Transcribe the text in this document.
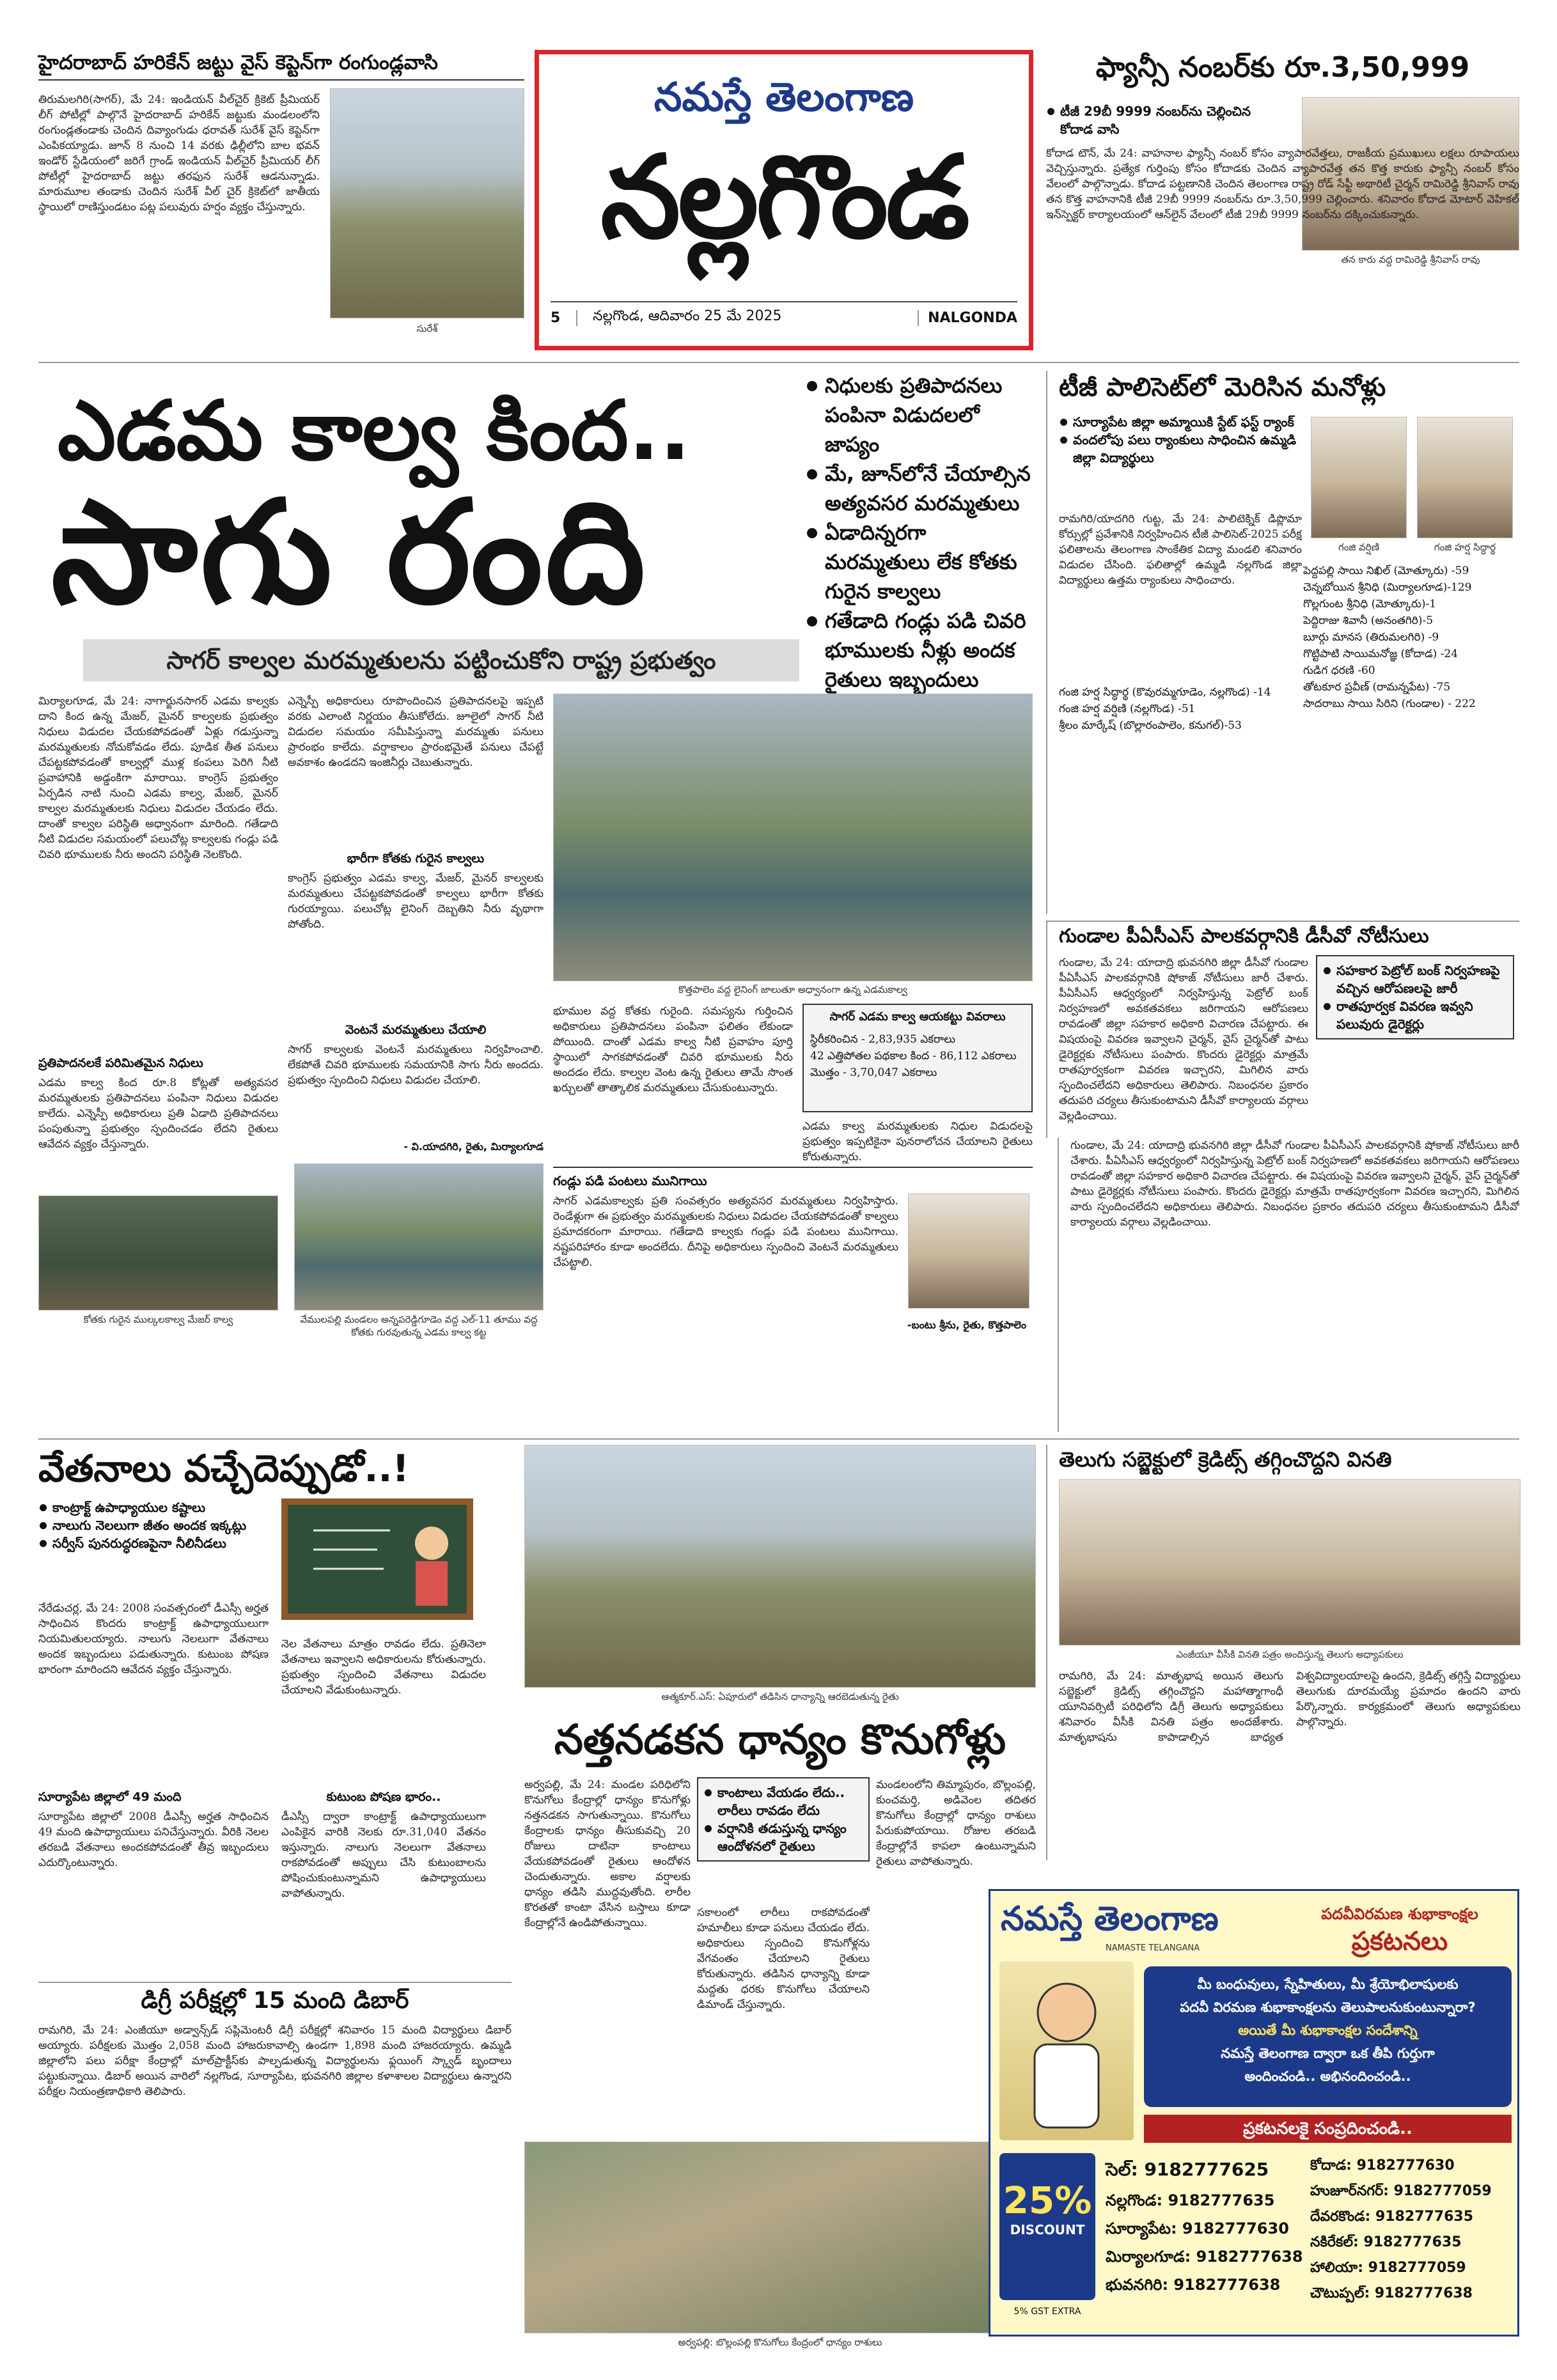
నమస్తే తెలంగాణ
నల్లగొండ
5	నల్లగొండ, ఆదివారం 25 మే 2025	NALGONDA
హైదరాబాద్ హరికేన్ జట్టు వైస్ కెప్టెన్‌గా రంగుండ్లవాసి
తిరుమలగిరి(సాగర్), మే 24: ఇండియన్ వీల్‌చైర్ క్రికెట్ ప్రీమియర్ లీగ్ పోటీల్లో పాల్గొనే హైదరాబాద్ హరికేన్ జట్టుకు మండలంలోని రంగుండ్లతండాకు చెందిన దివ్యాంగుడు ధరావత్ సురేశ్ వైస్ కెప్టెన్‌గా ఎంపికయ్యాడు. జూన్ 8 నుంచి 14 వరకు ఢిల్లీలోని బాల భవన్ ఇండోర్ స్టేడియంలో జరిగే గ్రాండ్ ఇండియన్ వీల్‌చైర్ ప్రీమియర్ లీగ్ పోటీల్లో హైదరాబాద్ జట్టు తరఫున సురేశ్ ఆడనున్నాడు. మారుమూల తండాకు చెందిన సురేశ్ వీల్ చైర్ క్రికెట్‌లో జాతీయ స్థాయిలో రాణిస్తుండటం పట్ల పలువురు హర్షం వ్యక్తం చేస్తున్నారు.
సురేశ్
ఫ్యాన్సీ నంబర్‌కు రూ.3,50,999
టీజీ 29బీ 9999 నంబర్‌ను చెల్లించిన కోదాడ వాసి
తన కారు వద్ద రామిరెడ్డి శ్రీనివాస్ రావు
కోదాడ టౌన్, మే 24: వాహనాల ఫ్యాన్సీ నంబర్ కోసం వ్యాపారవేత్తలు, రాజకీయ ప్రముఖులు లక్షలు రూపాయలు వెచ్చిస్తున్నారు. ప్రత్యేక గుర్తింపు కోసం కోదాడకు చెందిన వ్యాపారవేత్త తన కొత్త కారుకు ఫ్యాన్సీ నంబర్ కోసం వేలంలో పాల్గొన్నాడు. కోదాడ పట్టణానికి చెందిన తెలంగాణ రాష్ట్ర రోడ్ సేఫ్టీ అథారిటీ చైర్మన్ రామిరెడ్డి శ్రీనివాస్ రావు తన కొత్త వాహనానికి టీజీ 29బీ 9999 నంబర్‌ను రూ.3,50,999 చెల్లించారు. శనివారం కోదాడ మోటార్ వెహికల్ ఇన్‌స్పెక్టర్ కార్యాలయంలో ఆన్‌లైన్ వేలంలో టీజీ 29బీ 9999 నంబర్‌ను దక్కించుకున్నారు.
ఎడమ కాల్వ కింద..
సాగు రంది
నిధులకు ప్రతిపాదనలు పంపినా విడుదలలో జాప్యం
మే, జూన్‌లోనే చేయాల్సిన అత్యవసర మరమ్మతులు
ఏడాదిన్నరగా మరమ్మతులు లేక కోతకు గురైన కాల్వలు
గతేడాది గండ్లు పడి చివరి భూములకు నీళ్లు అందక రైతులు ఇబ్బందులు
సాగర్ కాల్వల మరమ్మతులను పట్టించుకోని రాష్ట్ర ప్రభుత్వం
మిర్యాలగూడ, మే 24: నాగార్జునసాగర్ ఎడమ కాల్వకు దాని కింద ఉన్న మేజర్, మైనర్ కాల్వలకు ప్రభుత్వం నిధులు విడుదల చేయకపోవడంతో ఏళ్లు గడుస్తున్నా మరమ్మతులకు నోచుకోవడం లేదు. పూడిక తీత పనులు చేపట్టకపోవడంతో కాల్వల్లో ముళ్ల కంపలు పెరిగి నీటి ప్రవాహానికి అడ్డంకిగా మారాయి. కాంగ్రెస్ ప్రభుత్వం ఏర్పడిన నాటి నుంచి ఎడమ కాల్వ, మేజర్, మైనర్ కాల్వల మరమ్మతులకు నిధులు విడుదల చేయడం లేదు. దాంతో కాల్వల పరిస్థితి అధ్వానంగా మారింది. గతేడాది నీటి విడుదల సమయంలో పలుచోట్ల కాల్వలకు గండ్లు పడి చివరి భూములకు నీరు అందని పరిస్థితి నెలకొంది.
ప్రతిపాదనలకే పరిమితమైన నిధులు
ఎడమ కాల్వ కింద రూ.8 కోట్లతో అత్యవసర మరమ్మతులకు ప్రతిపాదనలు పంపినా నిధులు విడుదల కాలేదు. ఎన్నెస్పీ అధికారులు ప్రతి ఏడాది ప్రతిపాదనలు పంపుతున్నా ప్రభుత్వం స్పందించడం లేదని రైతులు ఆవేదన వ్యక్తం చేస్తున్నారు.
కోతకు గురైన ముల్కలకాల్వ మేజర్ కాల్వ
ఎన్నెస్పీ అధికారులు రూపొందించిన ప్రతిపాదనలపై ఇప్పటి వరకు ఎలాంటి నిర్ణయం తీసుకోలేదు. జూలైలో సాగర్ నీటి విడుదల సమయం సమీపిస్తున్నా మరమ్మతు పనులు ప్రారంభం కాలేదు. వర్షాకాలం ప్రారంభమైతే పనులు చేపట్టే అవకాశం ఉండదని ఇంజినీర్లు చెబుతున్నారు.
భారీగా కోతకు గురైన కాల్వలు
కాంగ్రెస్ ప్రభుత్వం ఎడమ కాల్వ, మేజర్, మైనర్ కాల్వలకు మరమ్మతులు చేపట్టకపోవడంతో కాల్వలు భారీగా కోతకు గురయ్యాయి. పలుచోట్ల లైనింగ్ దెబ్బతిని నీరు వృథాగా పోతోంది.
వెంటనే మరమ్మతులు చేయాలి
సాగర్ కాల్వలకు వెంటనే మరమ్మతులు నిర్వహించాలి. లేకపోతే చివరి భూములకు సమయానికి సాగు నీరు అందదు. ప్రభుత్వం స్పందించి నిధులు విడుదల చేయాలి.
- వి.యాదగిరి, రైతు, మిర్యాలగూడ
వేములపల్లి మండలం అన్నపరెడ్డిగూడెం వద్ద ఎల్-11 తూము వద్ద కోతకు గురవుతున్న ఎడమ కాల్వ కట్ట
కొత్తపాలెం వద్ద లైనింగ్ జాలుతూ అధ్వానంగా ఉన్న ఎడమకాల్వ
భూముల వద్ద కోతకు గురైంది. సమస్యను గుర్తించిన అధికారులు ప్రతిపాదనలు పంపినా ఫలితం లేకుండా పోయింది. దాంతో ఎడమ కాల్వ నీటి ప్రవాహం పూర్తి స్థాయిలో సాగకపోవడంతో చివరి భూములకు నీరు అందడం లేదు. కాల్వల వెంట ఉన్న రైతులు తామే సొంత ఖర్చులతో తాత్కాలిక మరమ్మతులు చేసుకుంటున్నారు.
సాగర్ ఎడమ కాల్వ ఆయకట్టు వివరాలు
స్థిరీకరించిన - 2,83,935 ఎకరాలు
42 ఎత్తిపోతల పథకాల కింద - 86,112 ఎకరాలు
మొత్తం - 3,70,047 ఎకరాలు
ఎడమ కాల్వ మరమ్మతులకు నిధుల విడుదలపై ప్రభుత్వం ఇప్పటికైనా పునరాలోచన చేయాలని రైతులు కోరుతున్నారు.
గండ్లు పడి పంటలు మునిగాయి
సాగర్ ఎడమకాల్వకు ప్రతి సంవత్సరం అత్యవసర మరమ్మతులు నిర్వహిస్తారు. రెండేళ్లుగా ఈ ప్రభుత్వం మరమ్మతులకు నిధులు విడుదల చేయకపోవడంతో కాల్వలు ప్రమాదకరంగా మారాయి. గతేడాది కాల్వకు గండ్లు పడి పంటలు మునిగాయి. నష్టపరిహారం కూడా అందలేదు. దీనిపై అధికారులు స్పందించి వెంటనే మరమ్మతులు చేపట్టాలి.
-బంటు శ్రీను, రైతు, కొత్తపాలెం
టీజీ పాలిసెట్‌లో మెరిసిన మనోళ్లు
సూర్యాపేట జిల్లా అమ్మాయికి స్టేట్ ఫస్ట్ ర్యాంక్
వందలోపు పలు ర్యాంకులు సాధించిన ఉమ్మడి జిల్లా విద్యార్థులు
గంజి వర్షిణి	గంజి హర్ష సిద్ధార్థ
రామగిరి/యాదగిరి గుట్ట, మే 24: పాలిటెక్నిక్ డిప్లొమా కోర్సుల్లో ప్రవేశానికి నిర్వహించిన టీజీ పాలిసెట్-2025 పరీక్ష ఫలితాలను తెలంగాణ సాంకేతిక విద్యా మండలి శనివారం విడుదల చేసింది. ఫలితాల్లో ఉమ్మడి నల్లగొండ జిల్లా విద్యార్థులు ఉత్తమ ర్యాంకులు సాధించారు.
గంజి హర్ష సిద్ధార్థ (కొవురమ్మగూడెం, నల్లగొండ) -14
గంజి హర్ష వర్షిణి (నల్లగొండ) -51
శ్రీలం మార్కేష్ (బొల్లారంపాలెం, కనుగల్)-53
పెద్దపల్లి సాయి నిఖిల్ (మోత్కూరు) -59
చెన్నబోయిన శ్రీనిధి (మిర్యాలగూడ)-129
గొల్లగుంట శ్రీనిధి (మోత్కూరు)-1
పెద్దిరాజు శివానీ (అనంతగిరి)-5
బూర్గు మానస (తిరుమలగిరి) -9
గొట్టిపాటి సాయిమనోజ్ఞ (కోదాడ) -24
గుడిగ ధరణి -60
తోటకూర ప్రవీణ్ (రామన్నపేట) -75
సాదరాబు సాయి సిరిని (గుండాల) - 222
గుండాల పీఏసీఎస్ పాలకవర్గానికి డీసీవో నోటీసులు
గుండాల, మే 24: యాదాద్రి భువనగిరి జిల్లా డీసీవో గుండాల పీఏసీఎస్ పాలకవర్గానికి షోకాజ్ నోటీసులు జారీ చేశారు. పీఏసీఎస్ ఆధ్వర్యంలో నిర్వహిస్తున్న పెట్రోల్ బంక్ నిర్వహణలో అవకతవకలు జరిగాయని ఆరోపణలు రావడంతో జిల్లా సహకార అధికారి విచారణ చేపట్టారు. ఈ విషయంపై వివరణ ఇవ్వాలని చైర్మన్, వైస్ చైర్మన్‌తో పాటు డైరెక్టర్లకు నోటీసులు పంపారు. కొందరు డైరెక్టర్లు మాత్రమే రాతపూర్వకంగా వివరణ ఇచ్చారని, మిగిలిన వారు స్పందించలేదని అధికారులు తెలిపారు. నిబంధనల ప్రకారం తదుపరి చర్యలు తీసుకుంటామని డీసీవో కార్యాలయ వర్గాలు వెల్లడించాయి.
సహకార పెట్రోల్ బంక్ నిర్వహణపై వచ్చిన ఆరోపణలపై జారీ
రాతపూర్వక వివరణ ఇవ్వని పలువురు డైరెక్టర్లు
గుండాల, మే 24: యాదాద్రి భువనగిరి జిల్లా డీసీవో గుండాల పీఏసీఎస్ పాలకవర్గానికి షోకాజ్ నోటీసులు జారీ చేశారు. పీఏసీఎస్ ఆధ్వర్యంలో నిర్వహిస్తున్న పెట్రోల్ బంక్ నిర్వహణలో అవకతవకలు జరిగాయని ఆరోపణలు రావడంతో జిల్లా సహకార అధికారి విచారణ చేపట్టారు. ఈ విషయంపై వివరణ ఇవ్వాలని చైర్మన్, వైస్ చైర్మన్‌తో పాటు డైరెక్టర్లకు నోటీసులు పంపారు. కొందరు డైరెక్టర్లు మాత్రమే రాతపూర్వకంగా వివరణ ఇచ్చారని, మిగిలిన వారు స్పందించలేదని అధికారులు తెలిపారు. నిబంధనల ప్రకారం తదుపరి చర్యలు తీసుకుంటామని డీసీవో కార్యాలయ వర్గాలు వెల్లడించాయి.
తెలుగు సబ్జెక్టులో క్రెడిట్స్ తగ్గించొద్దని వినతి
ఎంజీయూ వీసీకి వినతి పత్రం అందిస్తున్న తెలుగు అధ్యాపకులు
రామగిరి, మే 24: మాతృభాష అయిన తెలుగు సబ్జెక్టులో క్రెడిట్స్ తగ్గించొద్దని మహాత్మాగాంధీ యూనివర్సిటీ పరిధిలోని డిగ్రీ తెలుగు అధ్యాపకులు శనివారం వీసీకి వినతి పత్రం అందజేశారు. మాతృభాషను కాపాడాల్సిన బాధ్యత విశ్వవిద్యాలయాలపై ఉందని, క్రెడిట్స్ తగ్గిస్తే విద్యార్థులు తెలుగుకు దూరమయ్యే ప్రమాదం ఉందని వారు పేర్కొన్నారు. కార్యక్రమంలో తెలుగు అధ్యాపకులు పాల్గొన్నారు.
వేతనాలు వచ్చేదెప్పుడో..!
కాంట్రాక్ట్ ఉపాధ్యాయుల కష్టాలు
నాలుగు నెలలుగా జీతం అందక ఇక్కట్లు
సర్వీస్ పునరుద్ధరణపైనా నీలినీడలు
నేరేడుచర్ల, మే 24: 2008 సంవత్సరంలో డీఎస్సీ అర్హత సాధించిన కొందరు కాంట్రాక్ట్ ఉపాధ్యాయులుగా నియమితులయ్యారు. నాలుగు నెలలుగా వేతనాలు అందక ఇబ్బందులు పడుతున్నారు. కుటుంబ పోషణ భారంగా మారిందని ఆవేదన వ్యక్తం చేస్తున్నారు.
సూర్యాపేట జిల్లాలో 49 మంది
సూర్యాపేట జిల్లాలో 2008 డీఎస్సీ అర్హత సాధించిన 49 మంది ఉపాధ్యాయులు పనిచేస్తున్నారు. వీరికి నెలల తరబడి వేతనాలు అందకపోవడంతో తీవ్ర ఇబ్బందులు ఎదుర్కొంటున్నారు.
నెల వేతనాలు మాత్రం రావడం లేదు. ప్రతినెలా వేతనాలు ఇవ్వాలని అధికారులను కోరుతున్నారు. ప్రభుత్వం స్పందించి వేతనాలు విడుదల చేయాలని వేడుకుంటున్నారు.
కుటుంబ పోషణ భారం..
డీఎస్సీ ద్వారా కాంట్రాక్ట్ ఉపాధ్యాయులుగా ఎంపికైన వారికి నెలకు రూ.31,040 వేతనం ఇస్తున్నారు. నాలుగు నెలలుగా వేతనాలు రాకపోవడంతో అప్పులు చేసి కుటుంబాలను పోషించుకుంటున్నామని ఉపాధ్యాయులు వాపోతున్నారు.
డిగ్రీ పరీక్షల్లో 15 మంది డిబార్
రామగిరి, మే 24: ఎంజీయూ అడ్వాన్స్‌డ్ సప్లిమెంటరీ డిగ్రీ పరీక్షల్లో శనివారం 15 మంది విద్యార్థులు డిబార్ అయ్యారు. పరీక్షలకు మొత్తం 2,058 మంది హాజరుకావాల్సి ఉండగా 1,898 మంది హాజరయ్యారు. ఉమ్మడి జిల్లాలోని పలు పరీక్షా కేంద్రాల్లో మాల్‌ప్రాక్టీస్‌కు పాల్పడుతున్న విద్యార్థులను ఫ్లయింగ్ స్క్వాడ్ బృందాలు పట్టుకున్నాయి. డిబార్ అయిన వారిలో నల్లగొండ, సూర్యాపేట, భువనగిరి జిల్లాల కళాశాలల విద్యార్థులు ఉన్నారని పరీక్షల నియంత్రణాధికారి తెలిపారు.
ఆత్మకూర్.ఎస్: ఏపూరులో తడిసిన ధాన్యాన్ని ఆరబెడుతున్న రైతు
నత్తనడకన ధాన్యం కొనుగోళ్లు
అర్వపల్లి, మే 24: మండల పరిధిలోని కొనుగోలు కేంద్రాల్లో ధాన్యం కొనుగోళ్లు నత్తనడకన సాగుతున్నాయి. కొనుగోలు కేంద్రాలకు ధాన్యం తీసుకువచ్చి 20 రోజులు దాటినా కాంటాలు వేయకపోవడంతో రైతులు ఆందోళన చెందుతున్నారు. అకాల వర్షాలకు ధాన్యం తడిసి ముద్దవుతోంది. లారీల కొరతతో కాంటా వేసిన బస్తాలు కూడా కేంద్రాల్లోనే ఉండిపోతున్నాయి.
కాంటాలు వేయడం లేదు.. లారీలు రావడం లేదు
వర్షానికి తడుస్తున్న ధాన్యం ఆందోళనలో రైతులు
సకాలంలో లారీలు రాకపోవడంతో హమాలీలు కూడా పనులు చేయడం లేదు. అధికారులు స్పందించి కొనుగోళ్లను వేగవంతం చేయాలని రైతులు కోరుతున్నారు. తడిసిన ధాన్యాన్ని కూడా మద్దతు ధరకు కొనుగోలు చేయాలని డిమాండ్ చేస్తున్నారు.
మండలంలోని తిమ్మాపురం, బొల్లంపల్లి, కుంచమర్తి, అడివెంల తదితర కొనుగోలు కేంద్రాల్లో ధాన్యం రాశులు పేరుకుపోయాయి. రోజుల తరబడి కేంద్రాల్లోనే కాపలా ఉంటున్నామని రైతులు వాపోతున్నారు.
అర్వపల్లి: బొల్లంపల్లి కొనుగోలు కేంద్రంలో ధాన్యం రాశులు
నమస్తే తెలంగాణ
NAMASTE TELANGANA
పదవీవిరమణ శుభాకాంక్షల
ప్రకటనలు
మీ బంధువులు, స్నేహితులు, మీ శ్రేయోభిలాషులకు
పదవీ విరమణ శుభాకాంక్షలను తెలుపాలనుకుంటున్నారా?
అయితే మీ శుభాకాంక్షల సందేశాన్ని
నమస్తే తెలంగాణ ద్వారా ఒక తీపి గుర్తుగా
అందించండి.. అభినందించండి..
ప్రకటనలకై సంప్రదించండి..
25%
DISCOUNT
5% GST EXTRA
సెల్: 9182777625
నల్లగొండ: 9182777635
సూర్యాపేట: 9182777630
మిర్యాలగూడ: 9182777638
భువనగిరి: 9182777638
కోదాడ: 9182777630
హుజూర్‌నగర్: 9182777059
దేవరకొండ: 9182777635
నకిరేకల్: 9182777635
హాలియా: 9182777059
చౌటుప్పల్: 9182777638
